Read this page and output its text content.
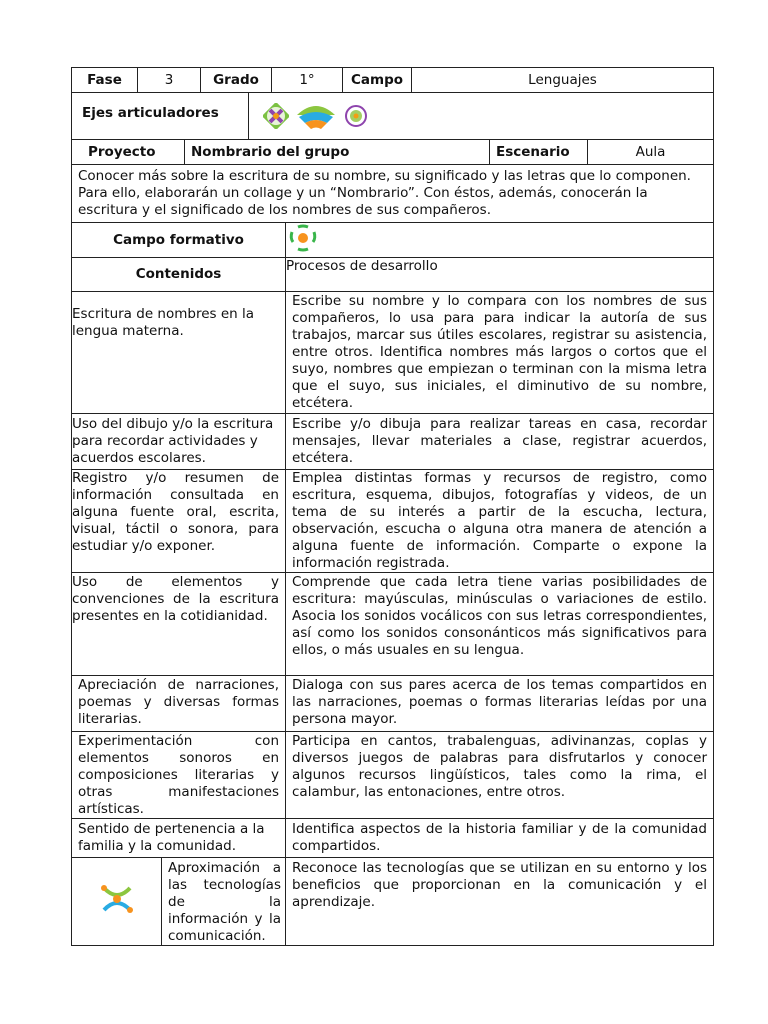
Fase	3	Grado	1°	Campo	Lenguajes
Ejes articuladores	
Proyecto	Nombrario del grupo	Escenario	Aula
Conocer más sobre la escritura de su nombre, su significado y las letras que lo componen. Para ello, elaborarán un collage y un “Nombrario”. Con éstos, además, conocerán la escritura y el significado de los nombres de sus compañeros.		
Campo formativo	
Contenidos		Procesos de desarrollo
Escritura de nombres en la lengua materna.		Escribe su nombre y lo compara con los nombres de sus compañeros, lo usa para para indicar la autoría de sus trabajos, marcar sus útiles escolares, registrar su asistencia, entre otros. Identifica nombres más largos o cortos que el suyo, nombres que empiezan o terminan con la misma letra que el suyo, sus iniciales, el diminutivo de su nombre, etcétera.
Uso del dibujo y/o la escritura para recordar actividades y acuerdos escolares.		Escribe y/o dibuja para realizar tareas en casa, recordar mensajes, llevar materiales a clase, registrar acuerdos, etcétera.
Registro y/o resumen de información consultada en alguna fuente oral, escrita, visual, táctil o sonora, para estudiar y/o exponer.		Emplea distintas formas y recursos de registro, como escritura, esquema, dibujos, fotografías y videos, de un tema de su interés a partir de la escucha, lectura, observación, escucha o alguna otra manera de atención a alguna fuente de información. Comparte o expone la información registrada.
Uso de elementos y convenciones de la escritura presentes en la cotidianidad.		Comprende que cada letra tiene varias posibilidades de escritura: mayúsculas, minúsculas o variaciones de estilo. Asocia los sonidos vocálicos con sus letras correspondientes, así como los sonidos consonánticos más significativos para ellos, o más usuales en su lengua.
Apreciación de narraciones, poemas y diversas formas literarias.		Dialoga con sus pares acerca de los temas compartidos en las narraciones, poemas o formas literarias leídas por una persona mayor.
Experimentación con elementos sonoros en composiciones literarias y otras manifestaciones artísticas.		Participa en cantos, trabalenguas, adivinanzas, coplas y diversos juegos de palabras para disfrutarlos y conocer algunos recursos lingüísticos, tales como la rima, el calambur, las entonaciones, entre otros.
Sentido de pertenencia a la familia y la comunidad.		Identifica aspectos de la historia familiar y de la comunidad compartidos.
	Aproximación a las tecnologías de la información y la comunicación.	Reconoce las tecnologías que se utilizan en su entorno y los beneficios que proporcionan en la comunicación y el aprendizaje.
